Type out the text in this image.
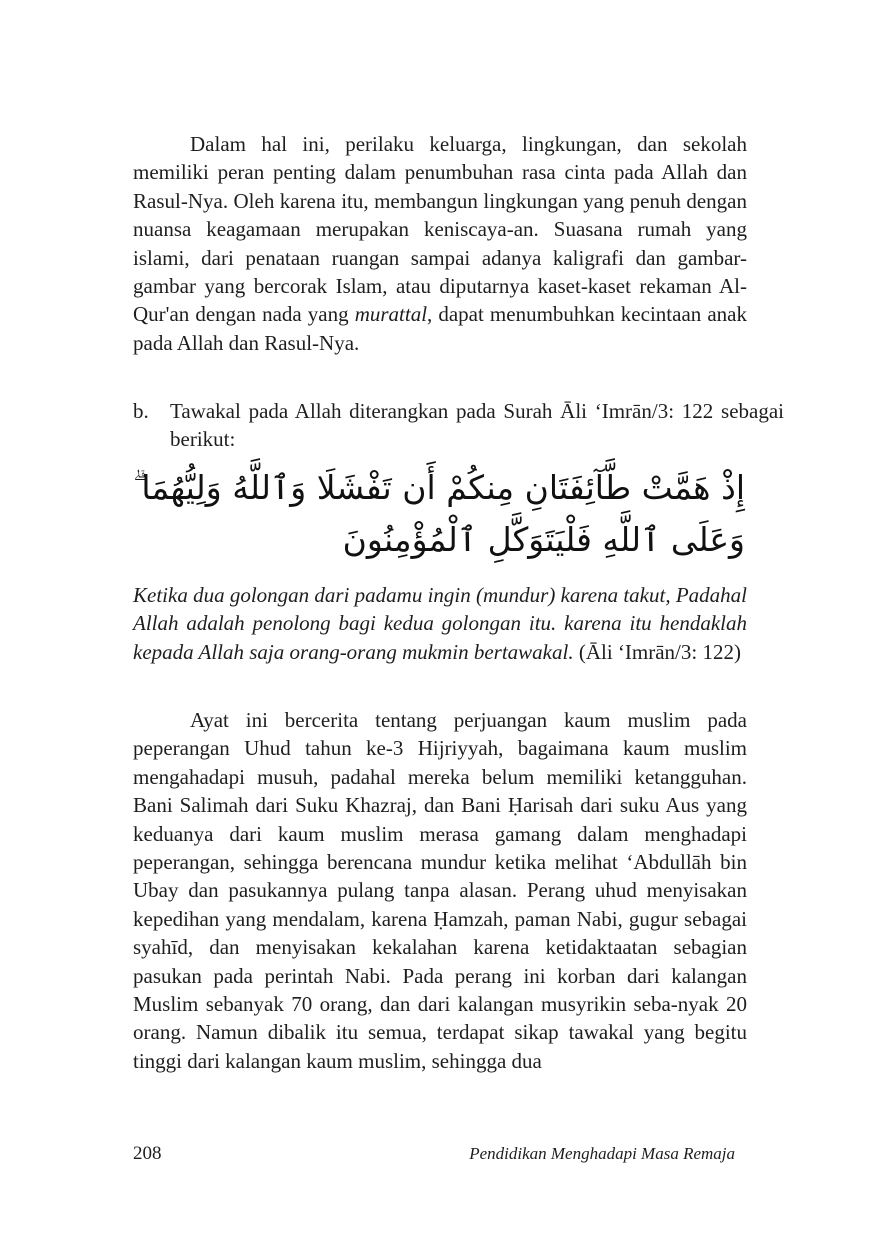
Dalam hal ini, perilaku keluarga, lingkungan, dan sekolah memiliki peran penting dalam penumbuhan rasa cinta pada Allah dan Rasul-Nya. Oleh karena itu, membangun lingkungan yang penuh dengan nuansa keagamaan merupakan keniscaya-an. Suasana rumah yang islami, dari penataan ruangan sampai adanya kaligrafi dan gambar-gambar yang bercorak Islam, atau diputarnya kaset-kaset rekaman Al-Qur'an dengan nada yang murattal, dapat menumbuhkan kecintaan anak pada Allah dan Rasul-Nya.

b. Tawakal pada Allah diterangkan pada Surah Āli ‘Imrān/3: 122 sebagai berikut:

إِذْ هَمَّتْ طَّآئِفَتَانِ مِنكُمْ أَن تَفْشَلَا وَٱللَّهُ وَلِيُّهُمَا ۗ وَعَلَى ٱللَّهِ فَلْيَتَوَكَّلِ ٱلْمُؤْمِنُونَ

Ketika dua golongan dari padamu ingin (mundur) karena takut, Padahal Allah adalah penolong bagi kedua golongan itu. karena itu hendaklah kepada Allah saja orang-orang mukmin bertawakal. (Āli ‘Imrān/3: 122)

Ayat ini bercerita tentang perjuangan kaum muslim pada peperangan Uhud tahun ke-3 Hijriyyah, bagaimana kaum muslim mengahadapi musuh, padahal mereka belum memiliki ketangguhan. Bani Salimah dari Suku Khazraj, dan Bani Ḥarisah dari suku Aus yang keduanya dari kaum muslim merasa gamang dalam menghadapi peperangan, sehingga berencana mundur ketika melihat ‘Abdullāh bin Ubay dan pasukannya pulang tanpa alasan. Perang uhud menyisakan kepedihan yang mendalam, karena Ḥamzah, paman Nabi, gugur sebagai syahīd, dan menyisakan kekalahan karena ketidaktaatan sebagian pasukan pada perintah Nabi. Pada perang ini korban dari kalangan Muslim sebanyak 70 orang, dan dari kalangan musyrikin seba-nyak 20 orang. Namun dibalik itu semua, terdapat sikap tawakal yang begitu tinggi dari kalangan kaum muslim, sehingga dua

208	Pendidikan Menghadapi Masa Remaja
